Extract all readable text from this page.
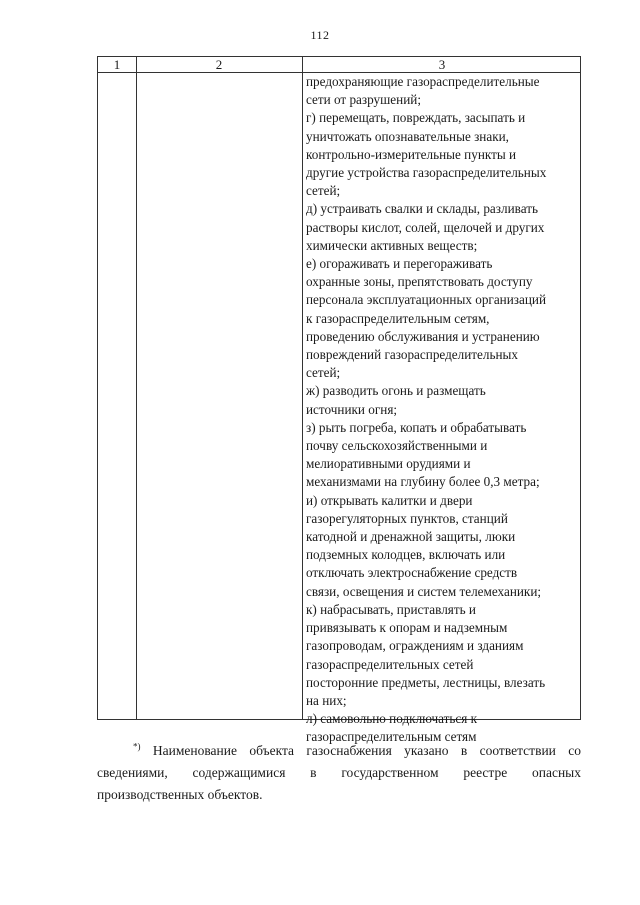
112
1	2	3
предохраняющие газораспределительные
сети от разрушений;
г) перемещать, повреждать, засыпать и
уничтожать опознавательные знаки,
контрольно-измерительные пункты и
другие устройства газораспределительных
сетей;
д) устраивать свалки и склады, разливать
растворы кислот, солей, щелочей и других
химически активных веществ;
е) огораживать и перегораживать
охранные зоны, препятствовать доступу
персонала эксплуатационных организаций
к газораспределительным сетям,
проведению обслуживания и устранению
повреждений газораспределительных
сетей;
ж) разводить огонь и размещать
источники огня;
з) рыть погреба, копать и обрабатывать
почву сельскохозяйственными и
мелиоративными орудиями и
механизмами на глубину более 0,3 метра;
и) открывать калитки и двери
газорегуляторных пунктов, станций
катодной и дренажной защиты, люки
подземных колодцев, включать или
отключать электроснабжение средств
связи, освещения и систем телемеханики;
к) набрасывать, приставлять и
привязывать к опорам и надземным
газопроводам, ограждениям и зданиям
газораспределительных сетей
посторонние предметы, лестницы, влезать
на них;
л) самовольно подключаться к
газораспределительным сетям
*) Наименование объекта газоснабжения указано в соответствии со
сведениями, содержащимися в государственном реестре опасных
производственных объектов.
